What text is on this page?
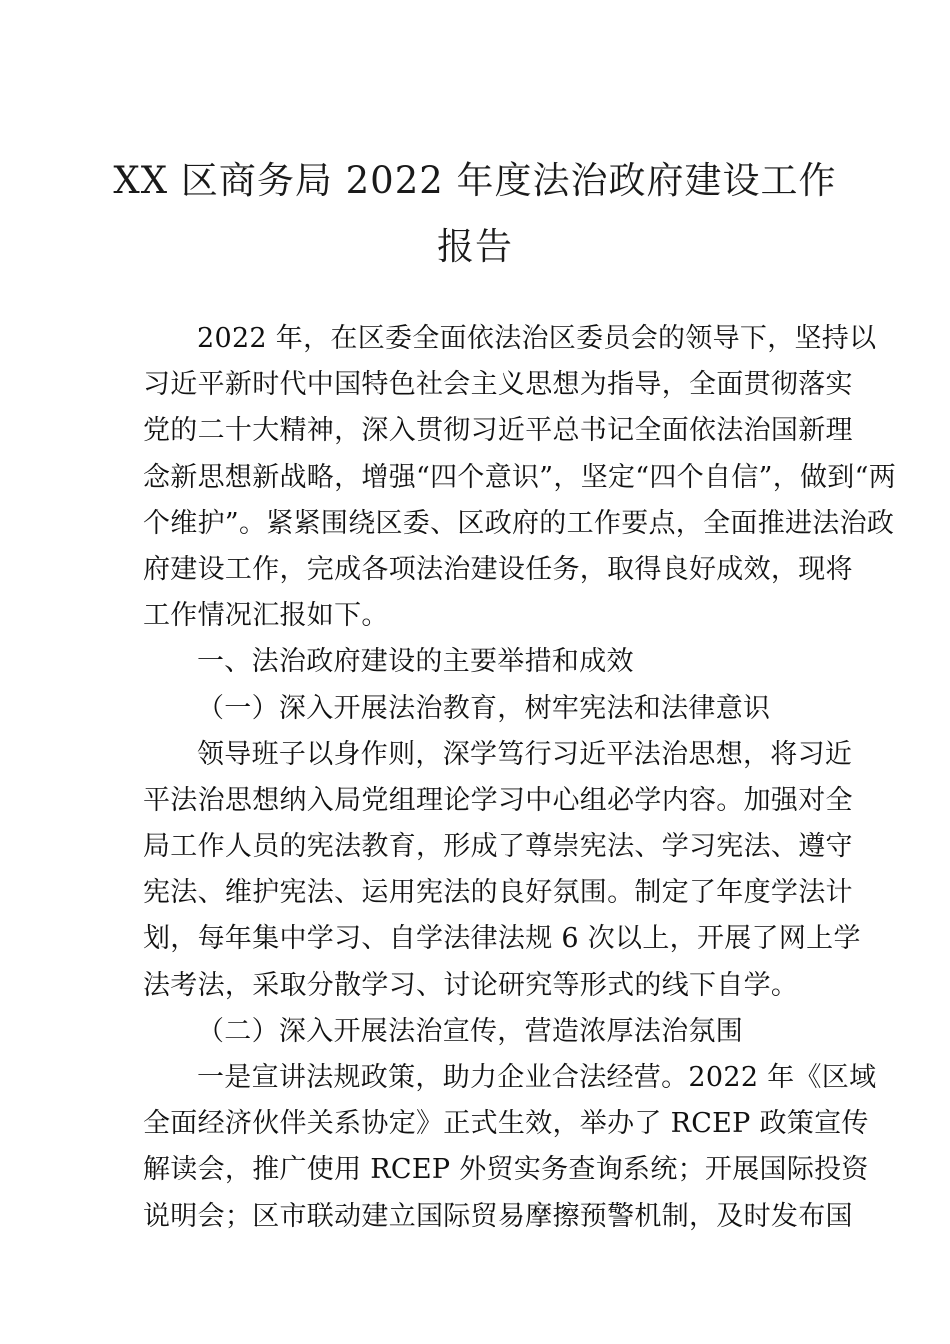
XX 区商务局 2022 年度法治政府建设工作
报告
2022 年，在区委全面依法治区委员会的领导下，坚持以
习近平新时代中国特色社会主义思想为指导，全面贯彻落实
党的二十大精神，深入贯彻习近平总书记全面依法治国新理
念新思想新战略，增强“四个意识”，坚定“四个自信”，做到“两
个维护”。紧紧围绕区委、区政府的工作要点，全面推进法治政
府建设工作，完成各项法治建设任务，取得良好成效，现将
工作情况汇报如下。
一、法治政府建设的主要举措和成效
（一）深入开展法治教育，树牢宪法和法律意识
领导班子以身作则，深学笃行习近平法治思想，将习近
平法治思想纳入局党组理论学习中心组必学内容。加强对全
局工作人员的宪法教育，形成了尊崇宪法、学习宪法、遵守
宪法、维护宪法、运用宪法的良好氛围。制定了年度学法计
划，每年集中学习、自学法律法规 6 次以上，开展了网上学
法考法，采取分散学习、讨论研究等形式的线下自学。
（二）深入开展法治宣传，营造浓厚法治氛围
一是宣讲法规政策，助力企业合法经营。2022 年《区域
全面经济伙伴关系协定》正式生效，举办了 RCEP 政策宣传
解读会，推广使用 RCEP 外贸实务查询系统；开展国际投资
说明会；区市联动建立国际贸易摩擦预警机制，及时发布国
